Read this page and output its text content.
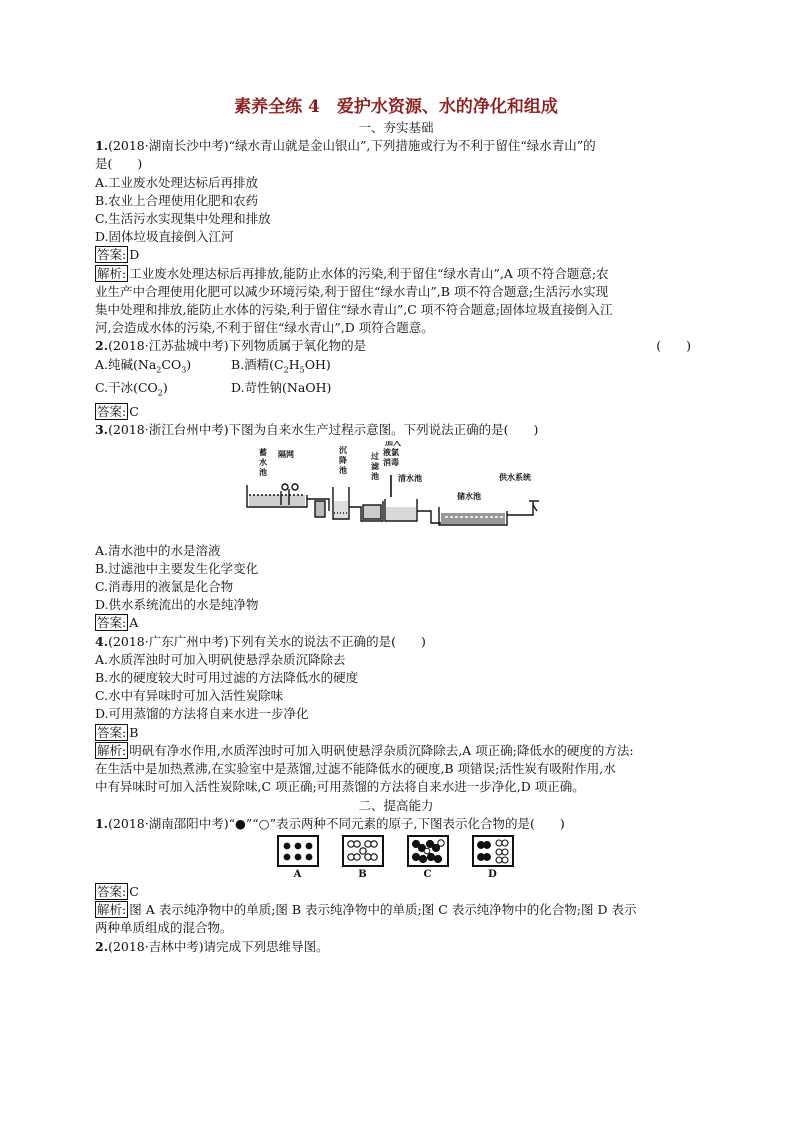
素养全练 4　爱护水资源、水的净化和组成
一、夯实基础
1.(2018·湖南长沙中考)“绿水青山就是金山银山”,下列措施或行为不利于留住“绿水青山”的
是(　　)
A.工业废水处理达标后再排放
B.农业上合理使用化肥和农药
C.生活污水实现集中处理和排放
D.固体垃圾直接倒入江河
答案: D
解析: 工业废水处理达标后再排放,能防止水体的污染,利于留住“绿水青山”,A 项不符合题意;农
业生产中合理使用化肥可以减少环境污染,利于留住“绿水青山”,B 项不符合题意;生活污水实现
集中处理和排放,能防止水体的污染,利于留住“绿水青山”,C 项不符合题意;固体垃圾直接倒入江
河,会造成水体的污染,不利于留住“绿水青山”,D 项符合题意。
2.(2018·江苏盐城中考)下列物质属于氧化物的是	(　　)
A.纯碱$(Na_2CO_3)$	B.酒精$(C_2H_5OH)$
C.干冰$(CO_2)$	D.苛性钠(NaOH)
答案: C
3.(2018·浙江台州中考)下图为自来水生产过程示意图。下列说法正确的是(　　)
蓄水池
隔网	沉降池
过滤池
加入液氯消毒
清水池
储水池
供水系统
A.清水池中的水是溶液
B.过滤池中主要发生化学变化
C.消毒用的液氯是化合物
D.供水系统流出的水是纯净物
答案: A
4.(2018·广东广州中考)下列有关水的说法不正确的是(　　)
A.水质浑浊时可加入明矾使悬浮杂质沉降除去
B.水的硬度较大时可用过滤的方法降低水的硬度
C.水中有异味时可加入活性炭除味
D.可用蒸馏的方法将自来水进一步净化
答案: B
解析: 明矾有净水作用,水质浑浊时可加入明矾使悬浮杂质沉降除去,A 项正确;降低水的硬度的方法:
在生活中是加热煮沸,在实验室中是蒸馏,过滤不能降低水的硬度,B 项错误;活性炭有吸附作用,水
中有异味时可加入活性炭除味,C 项正确;可用蒸馏的方法将自来水进一步净化,D 项正确。
二、提高能力
1.(2018·湖南邵阳中考)“●”“○”表示两种不同元素的原子,下图表示化合物的是(　　)
A	B	C	D
答案: C
解析: 图 A 表示纯净物中的单质;图 B 表示纯净物中的单质;图 C 表示纯净物中的化合物;图 D 表示
两种单质组成的混合物。
2.(2018·吉林中考)请完成下列思维导图。
